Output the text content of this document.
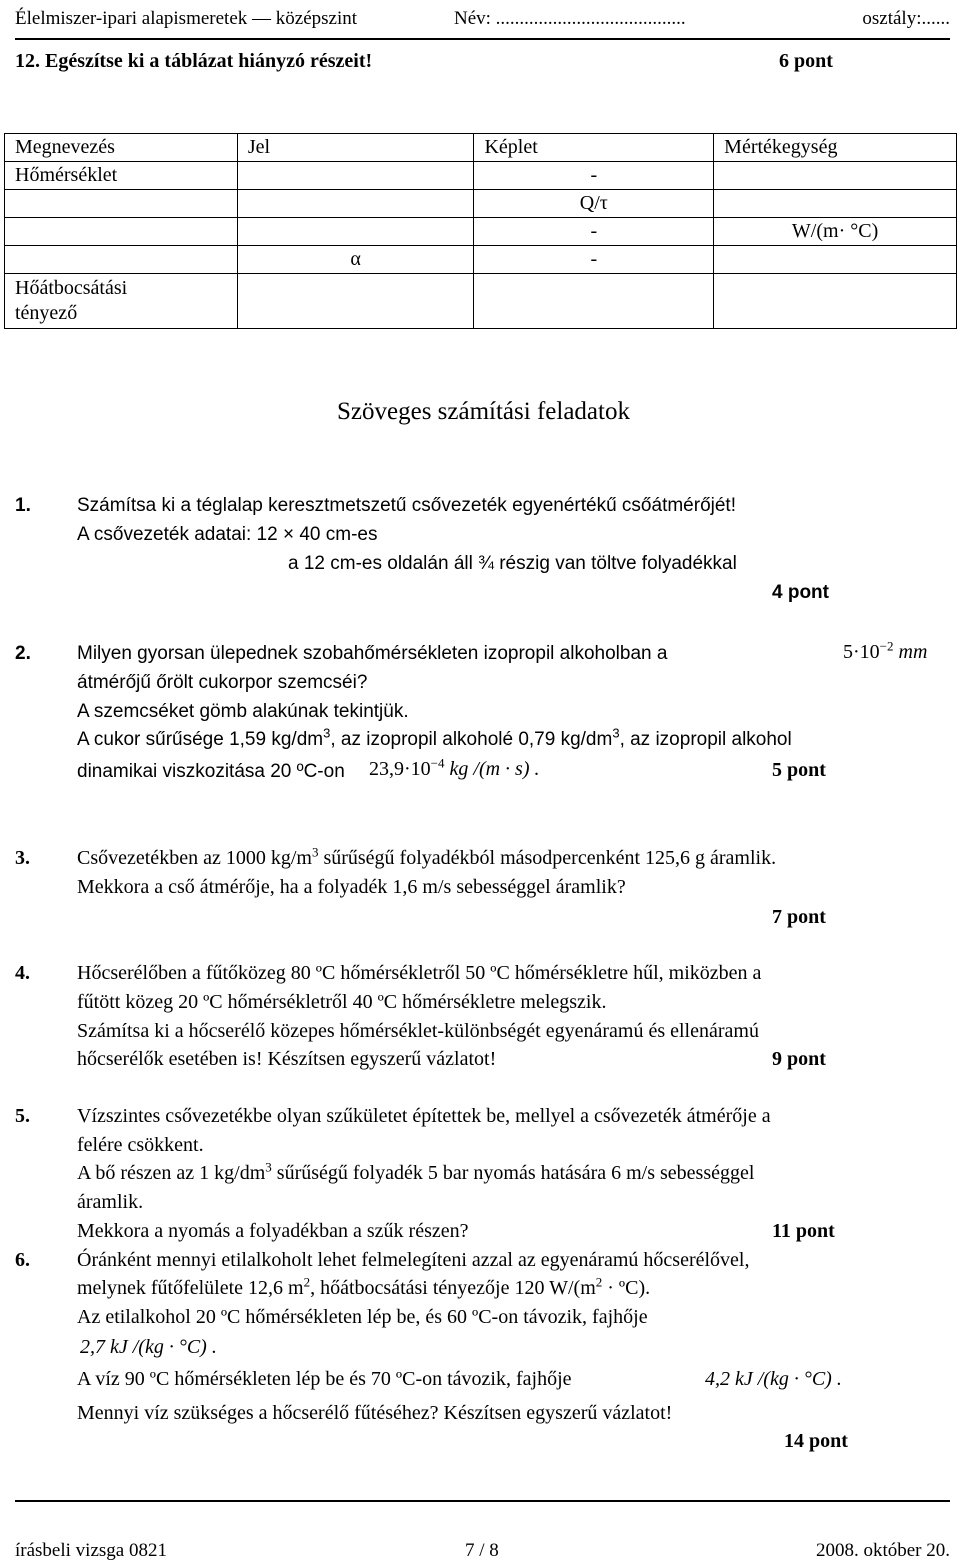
Élelmiszer-ipari alapismeretek — középszint	Név: ........................................	osztály:......
12. Egészítse ki a táblázat hiányzó részeit!	6 pont
Megnevezés	Jel	Képlet	Mértékegység
Hőmérséklet		-	
		Q/τ	
		-	W/(m· °C)
	α	-	
Hőátbocsátási
tényező			
Szöveges számítási feladatok
1. Számítsa ki a téglalap keresztmetszetű csővezeték egyenértékű csőátmérőjét!
A csővezeték adatai: 12 × 40 cm-es
a 12 cm-es oldalán áll ¾ részig van töltve folyadékkal
4 pont
2. Milyen gyorsan ülepednek szobahőmérsékleten izopropil alkoholban a	$5\cdot 10^{-2}$ mm
átmérőjű őrölt cukorpor szemcséi?
A szemcséket gömb alakúnak tekintjük.
A cukor sűrűsége 1,59 $kg/dm^3$, az izopropil alkoholé 0,79 $kg/dm^3$, az izopropil alkohol
dinamikai viszkozitása 20 ºC-on $23,9\cdot 10^{-4}$ kg /(m · s) .	5 pont
3. Csővezetékben az 1000 $kg/m^3$ sűrűségű folyadékból másodpercenként 125,6 g áramlik.
Mekkora a cső átmérője, ha a folyadék 1,6 m/s sebességgel áramlik?
7 pont
4. Hőcserélőben a fűtőközeg 80 ºC hőmérsékletről 50 ºC hőmérsékletre hűl, miközben a
fűtött közeg 20 ºC hőmérsékletről 40 ºC hőmérsékletre melegszik.
Számítsa ki a hőcserélő közepes hőmérséklet-különbségét egyenáramú és ellenáramú
hőcserélők esetében is! Készítsen egyszerű vázlatot!	9 pont
5. Vízszintes csővezetékbe olyan szűkületet építettek be, mellyel a csővezeték átmérője a
felére csökkent.
A bő részen az 1 $kg/dm^3$ sűrűségű folyadék 5 bar nyomás hatására 6 m/s sebességgel
áramlik.
Mekkora a nyomás a folyadékban a szűk részen?	11 pont
6. Óránként mennyi etilalkoholt lehet felmelegíteni azzal az egyenáramú hőcserélővel,
melynek fűtőfelülete 12,6 $m^2$, hőátbocsátási tényezője 120 $W/(m^2$ · ºC).
Az etilalkohol 20 ºC hőmérsékleten lép be, és 60 ºC-on távozik, fajhője
2,7 kJ /(kg · °C) .
A víz 90 ºC hőmérsékleten lép be és 70 ºC-on távozik, fajhője	4,2 kJ /(kg · °C) .
Mennyi víz szükséges a hőcserélő fűtéséhez? Készítsen egyszerű vázlatot!
14 pont
írásbeli vizsga 0821	7 / 8	2008. október 20.
